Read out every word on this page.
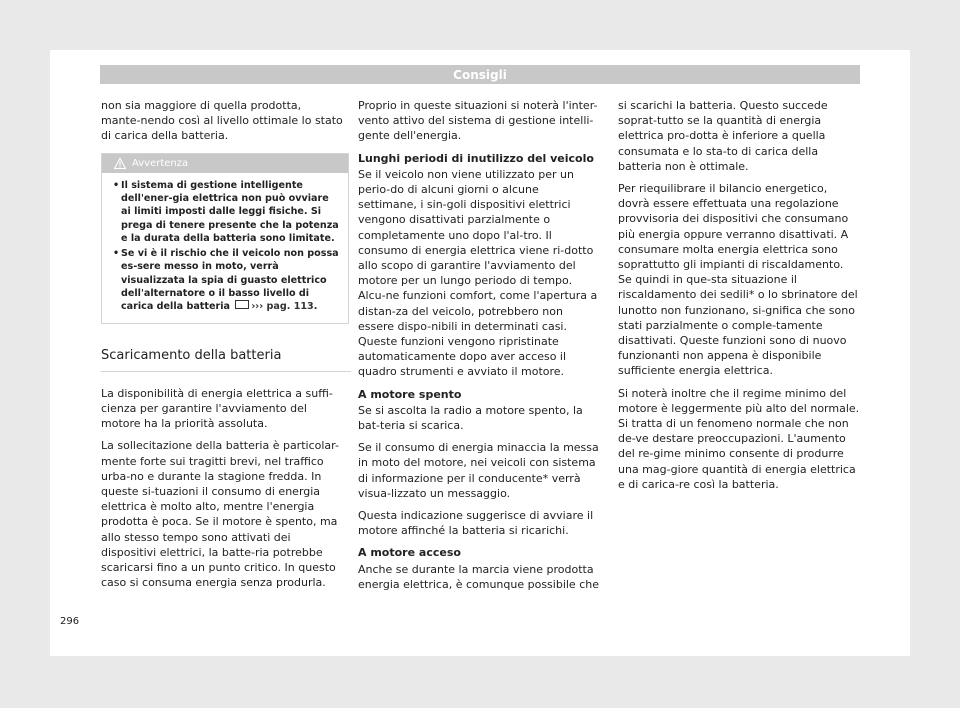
Consigli

non sia maggiore di quella prodotta, mante-nendo così al livello ottimale lo stato di carica della batteria.

Avvertenza
• Il sistema di gestione intelligente dell'ener-gia elettrica non può ovviare ai limiti imposti dalle leggi fisiche. Si prega di tenere presente che la potenza e la durata della batteria sono limitate.
• Se vi è il rischio che il veicolo non possa es-sere messo in moto, verrà visualizzata la spia di guasto elettrico dell'alternatore o il basso livello di carica della batteria ››› pag. 113.
Scaricamento della batteria

La disponibilità di energia elettrica a suffi-cienza per garantire l'avviamento del motore ha la priorità assoluta.

La sollecitazione della batteria è particolar-mente forte sui tragitti brevi, nel traffico urba-no e durante la stagione fredda. In queste si-tuazioni il consumo di energia elettrica è molto alto, mentre l'energia prodotta è poca. Se il motore è spento, ma allo stesso tempo sono attivati dei dispositivi elettrici, la batte-ria potrebbe scaricarsi fino a un punto critico. In questo caso si consuma energia senza produrla.

Proprio in queste situazioni si noterà l'inter-vento attivo del sistema di gestione intelli-gente dell'energia.

Lunghi periodi di inutilizzo del veicolo

Se il veicolo non viene utilizzato per un perio-do di alcuni giorni o alcune settimane, i sin-goli dispositivi elettrici vengono disattivati parzialmente o completamente uno dopo l'al-tro. Il consumo di energia elettrica viene ri-dotto allo scopo di garantire l'avviamento del motore per un lungo periodo di tempo. Alcu-ne funzioni comfort, come l'apertura a distan-za del veicolo, potrebbero non essere dispo-nibili in determinati casi. Queste funzioni vengono ripristinate automaticamente dopo aver acceso il quadro strumenti e avviato il motore.

A motore spento

Se si ascolta la radio a motore spento, la bat-teria si scarica.

Se il consumo di energia minaccia la messa in moto del motore, nei veicoli con sistema di informazione per il conducente* verrà visua-lizzato un messaggio.

Questa indicazione suggerisce di avviare il motore affinché la batteria si ricarichi.

A motore acceso

Anche se durante la marcia viene prodotta energia elettrica, è comunque possibile che

si scarichi la batteria. Questo succede soprat-tutto se la quantità di energia elettrica pro-dotta è inferiore a quella consumata e lo sta-to di carica della batteria non è ottimale.

Per riequilibrare il bilancio energetico, dovrà essere effettuata una regolazione provvisoria dei dispositivi che consumano più energia oppure verranno disattivati. A consumare molta energia elettrica sono soprattutto gli impianti di riscaldamento. Se quindi in que-sta situazione il riscaldamento dei sedili* o lo sbrinatore del lunotto non funzionano, si-gnifica che sono stati parzialmente o comple-tamente disattivati. Queste funzioni sono di nuovo funzionanti non appena è disponibile sufficiente energia elettrica.

Si noterà inoltre che il regime minimo del motore è leggermente più alto del normale. Si tratta di un fenomeno normale che non de-ve destare preoccupazioni. L'aumento del re-gime minimo consente di produrre una mag-giore quantità di energia elettrica e di carica-re così la batteria.

296
